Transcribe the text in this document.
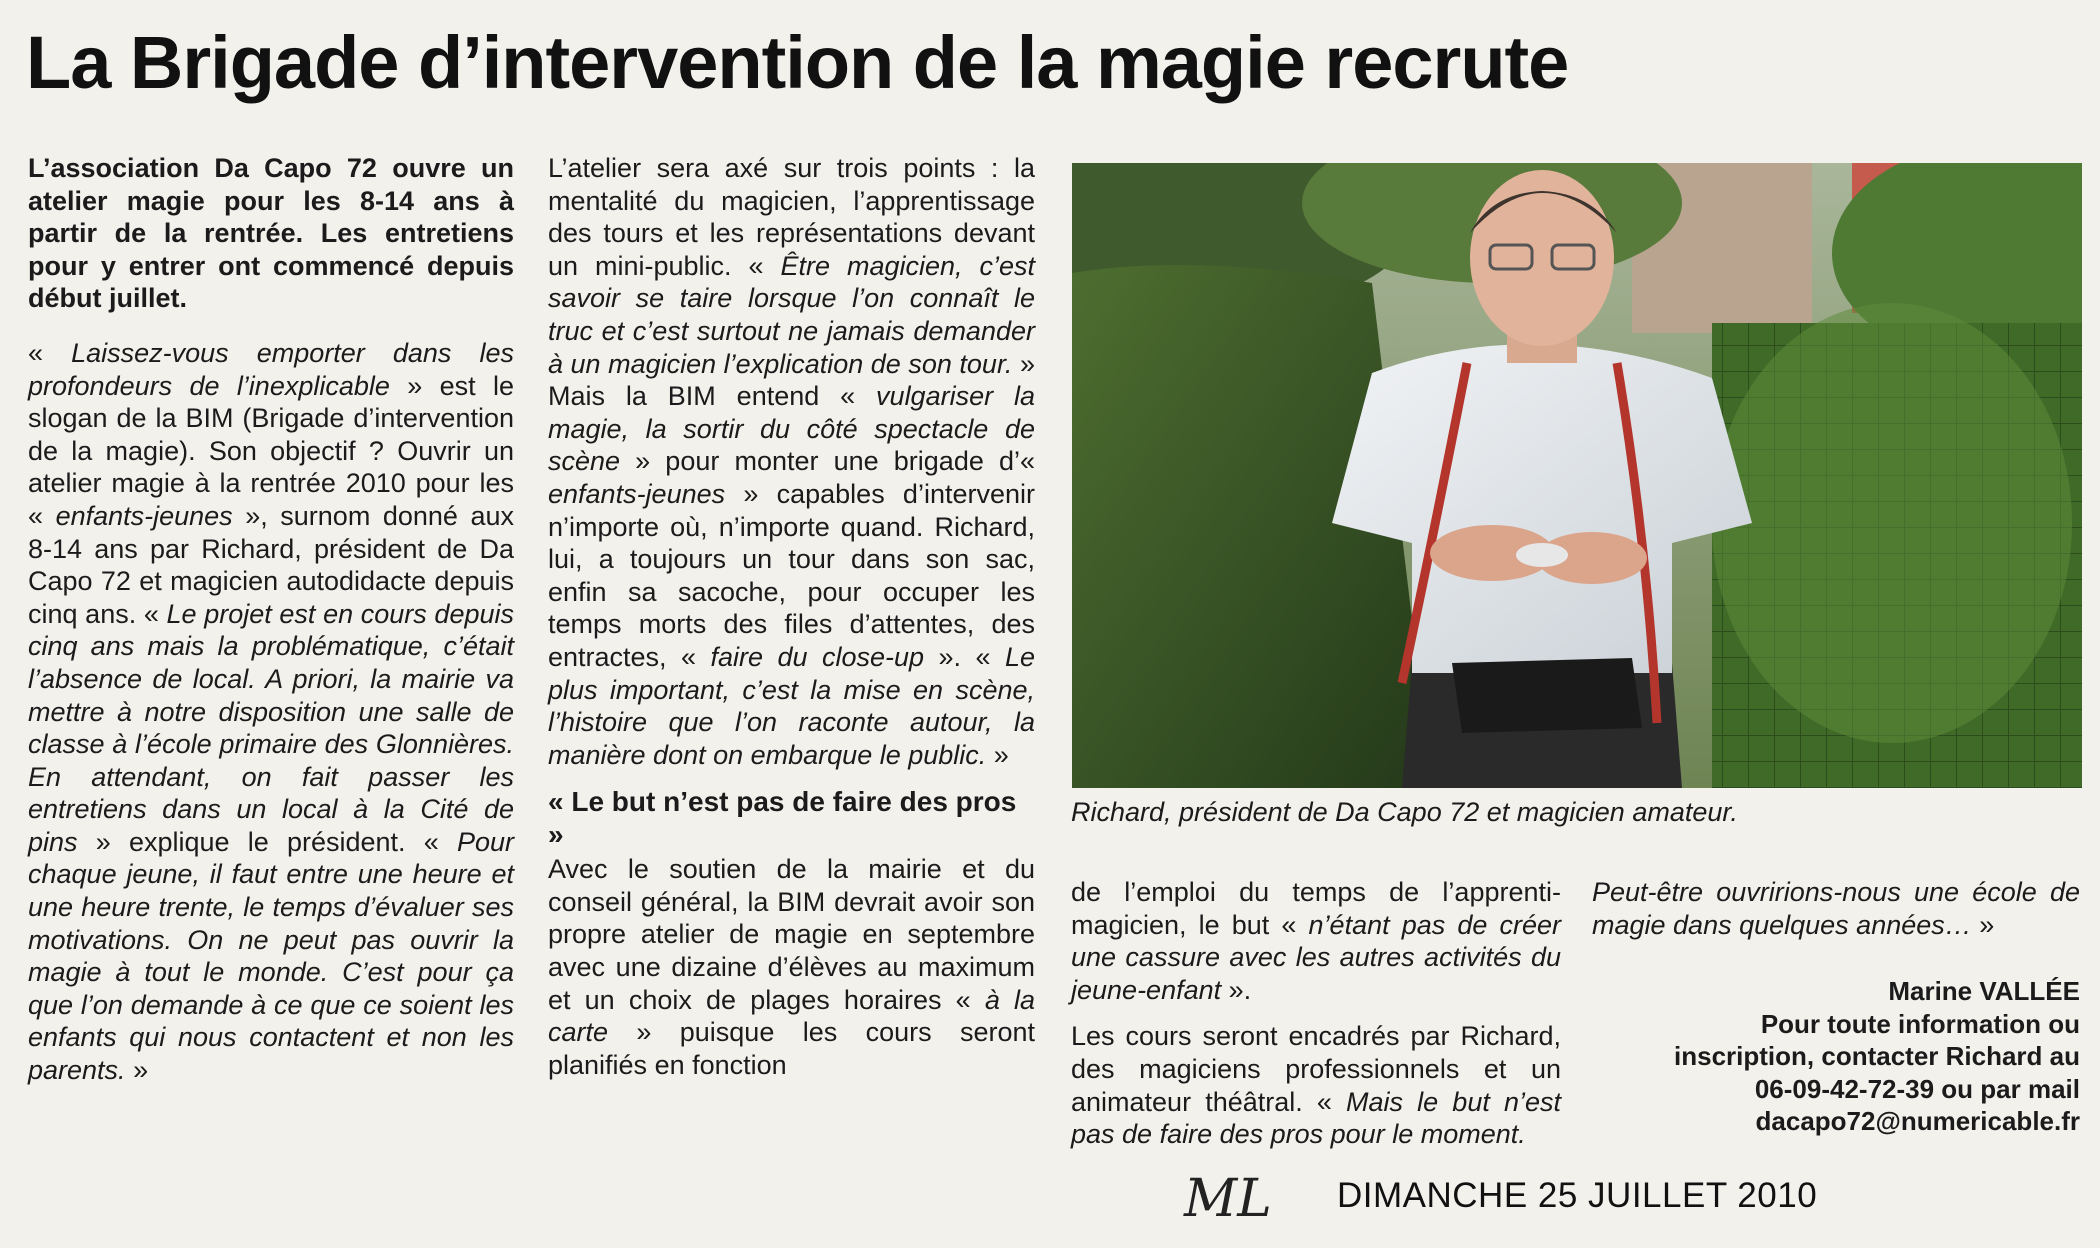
La Brigade d’intervention de la magie recrute

L’association Da Capo 72 ouvre un atelier magie pour les 8-14 ans à partir de la rentrée. Les entretiens pour y entrer ont commencé depuis début juillet.

« Laissez-vous emporter dans les profondeurs de l’inexplicable » est le slogan de la BIM (Brigade d’intervention de la magie). Son objectif ? Ouvrir un atelier magie à la rentrée 2010 pour les « enfants-jeunes », surnom donné aux 8-14 ans par Richard, président de Da Capo 72 et magicien autodidacte depuis cinq ans. « Le projet est en cours depuis cinq ans mais la problématique, c’était l’absence de local. A priori, la mairie va mettre à notre disposition une salle de classe à l’école primaire des Glonnières. En attendant, on fait passer les entretiens dans un local à la Cité de pins » explique le président. « Pour chaque jeune, il faut entre une heure et une heure trente, le temps d’évaluer ses motivations. On ne peut pas ouvrir la magie à tout le monde. C’est pour ça que l’on demande à ce que ce soient les enfants qui nous contactent et non les parents. »

L’atelier sera axé sur trois points : la mentalité du magicien, l’apprentissage des tours et les représentations devant un mini-public. « Être magicien, c’est savoir se taire lorsque l’on connaît le truc et c’est surtout ne jamais demander à un magicien l’explication de son tour. » Mais la BIM entend « vulgariser la magie, la sortir du côté spectacle de scène » pour monter une brigade d’« enfants-jeunes » capables d’intervenir n’importe où, n’importe quand. Richard, lui, a toujours un tour dans son sac, enfin sa sacoche, pour occuper les temps morts des files d’attentes, des entractes, « faire du close-up ». « Le plus important, c’est la mise en scène, l’histoire que l’on raconte autour, la manière dont on embarque le public. »

« Le but n’est pas de faire des pros »

Avec le soutien de la mairie et du conseil général, la BIM devrait avoir son propre atelier de magie en septembre avec une dizaine d’élèves au maximum et un choix de plages horaires « à la carte » puisque les cours seront planifiés en fonction

Richard, président de Da Capo 72 et magicien amateur.

de l’emploi du temps de l’apprenti-magicien, le but « n’étant pas de créer une cassure avec les autres activités du jeune-enfant ».

Les cours seront encadrés par Richard, des magiciens professionnels et un animateur théâtral. « Mais le but n’est pas de faire des pros pour le moment.

Peut-être ouvririons-nous une école de magie dans quelques années… »

Marine VALLÉE
Pour toute information ou
inscription, contacter Richard au
06-09-42-72-39 ou par mail
dacapo72@numericable.fr
ML DIMANCHE 25 JUILLET 2010
